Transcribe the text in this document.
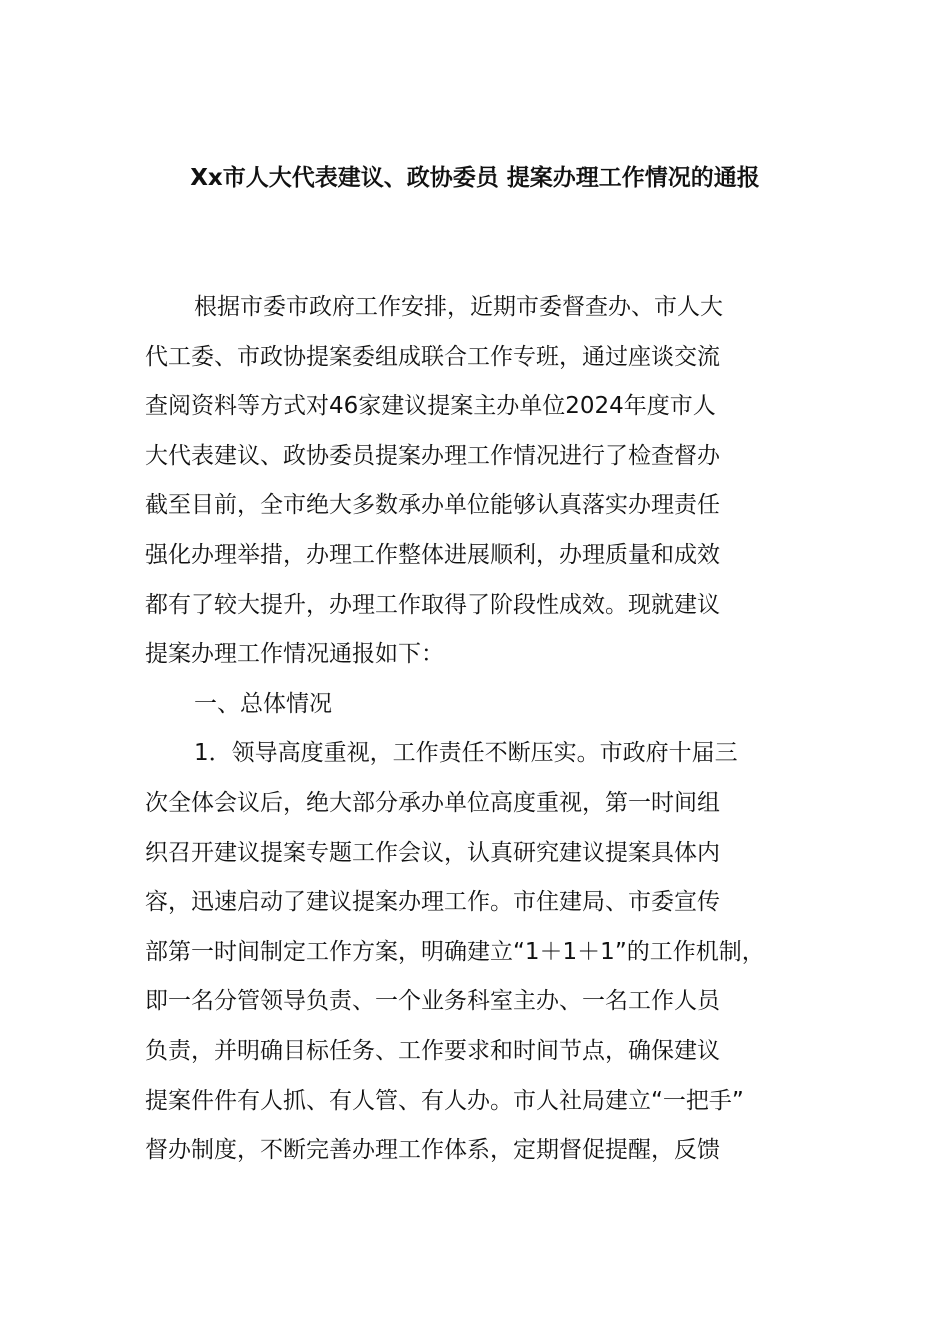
Xx市人大代表建议、政协委员 提案办理工作情况的通报
根据市委市政府工作安排，近期市委督查办、市人大
代工委、市政协提案委组成联合工作专班，通过座谈交流
查阅资料等方式对46家建议提案主办单位2024年度市人
大代表建议、政协委员提案办理工作情况进行了检查督办
截至目前，全市绝大多数承办单位能够认真落实办理责任
强化办理举措，办理工作整体进展顺利，办理质量和成效
都有了较大提升，办理工作取得了阶段性成效。现就建议
提案办理工作情况通报如下：
一、总体情况
1．领导高度重视，工作责任不断压实。市政府十届三
次全体会议后，绝大部分承办单位高度重视，第一时间组
织召开建议提案专题工作会议，认真研究建议提案具体内
容，迅速启动了建议提案办理工作。市住建局、市委宣传
部第一时间制定工作方案，明确建立“1＋1＋1”的工作机制，
即一名分管领导负责、一个业务科室主办、一名工作人员
负责，并明确目标任务、工作要求和时间节点，确保建议
提案件件有人抓、有人管、有人办。市人社局建立“一把手”
督办制度，不断完善办理工作体系，定期督促提醒，反馈
